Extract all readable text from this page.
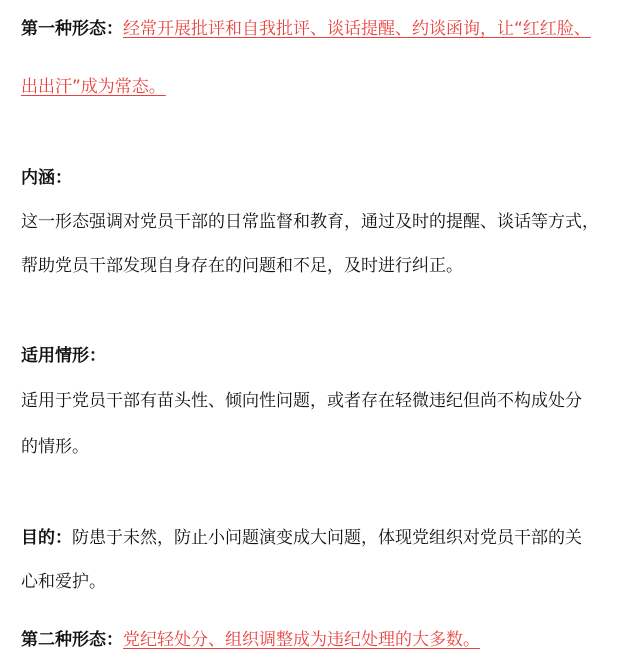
第一种形态：经常开展批评和自我批评、谈话提醒、约谈函询，让“红红脸、

出出汗”成为常态。

内涵：

这一形态强调对党员干部的日常监督和教育，通过及时的提醒、谈话等方式，

帮助党员干部发现自身存在的问题和不足，及时进行纠正。

适用情形：

适用于党员干部有苗头性、倾向性问题，或者存在轻微违纪但尚不构成处分

的情形。

目的：防患于未然，防止小问题演变成大问题，体现党组织对党员干部的关

心和爱护。

第二种形态：党纪轻处分、组织调整成为违纪处理的大多数。
